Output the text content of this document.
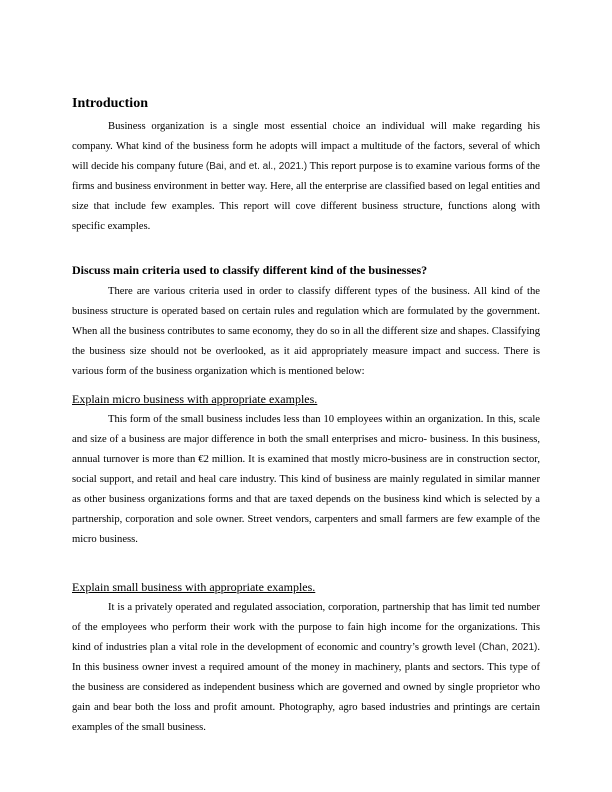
Introduction

Business organization is a single most essential choice an individual will make regarding his company. What kind of the business form he adopts will impact a multitude of the factors, several of which will decide his company future (Bai, and et. al., 2021.) This report purpose is to examine various forms of the firms and business environment in better way. Here, all the enterprise are classified based on legal entities and size that include few examples. This report will cove different business structure, functions along with specific examples.

Discuss main criteria used to classify different kind of the businesses?

There are various criteria used in order to classify different types of the business. All kind of the business structure is operated based on certain rules and regulation which are formulated by the government. When all the business contributes to same economy, they do so in all the different size and shapes. Classifying the business size should not be overlooked, as it aid appropriately measure impact and success. There is various form of the business organization which is mentioned below:

Explain micro business with appropriate examples.

This form of the small business includes less than 10 employees within an organization. In this, scale and size of a business are major difference in both the small enterprises and micro- business. In this business, annual turnover is more than €2 million. It is examined that mostly micro-business are in construction sector, social support, and retail and heal care industry. This kind of business are mainly regulated in similar manner as other business organizations forms and that are taxed depends on the business kind which is selected by a partnership, corporation and sole owner. Street vendors, carpenters and small farmers are few example of the micro business.

Explain small business with appropriate examples.

It is a privately operated and regulated association, corporation, partnership that has limit ted number of the employees who perform their work with the purpose to fain high income for the organizations. This kind of industries plan a vital role in the development of economic and country’s growth level (Chan, 2021). In this business owner invest a required amount of the money in machinery, plants and sectors. This type of the business are considered as independent business which are governed and owned by single proprietor who gain and bear both the loss and profit amount. Photography, agro based industries and printings are certain examples of the small business.
